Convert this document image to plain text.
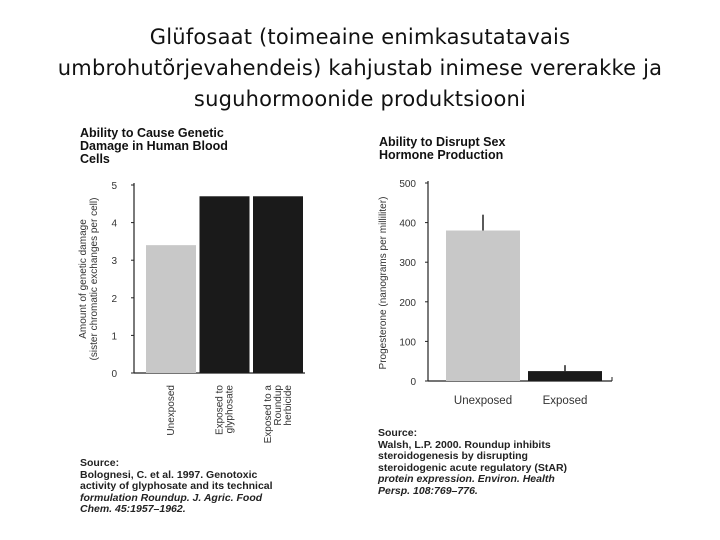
Glüfosaat (toimeaine enimkasutatavais
umbrohutõrjevahendeis) kahjustab inimese vererakke ja
suguhormoonide produktsiooni
Ability to Cause Genetic
Damage in Human Blood
Cells
0
1
2
3
4
5
Amount of genetic damage (sister chromatic exchanges per cell)
Unexposed	Exposed to glyphosate	Exposed to a Roundup herbicide
Ability to Disrupt Sex
Hormone Production
0
100
200
300
400
500
Progesterone (nanograms per milliliter)
Unexposed	Exposed
Source:
Bolognesi, C. et al. 1997. Genotoxic
activity of glyphosate and its technical
formulation Roundup. J. Agric. Food
Chem. 45:1957–1962.
Source:
Walsh, L.P. 2000. Roundup inhibits
steroidogenesis by disrupting
steroidogenic acute regulatory (StAR)
protein expression. Environ. Health
Persp. 108:769–776.
